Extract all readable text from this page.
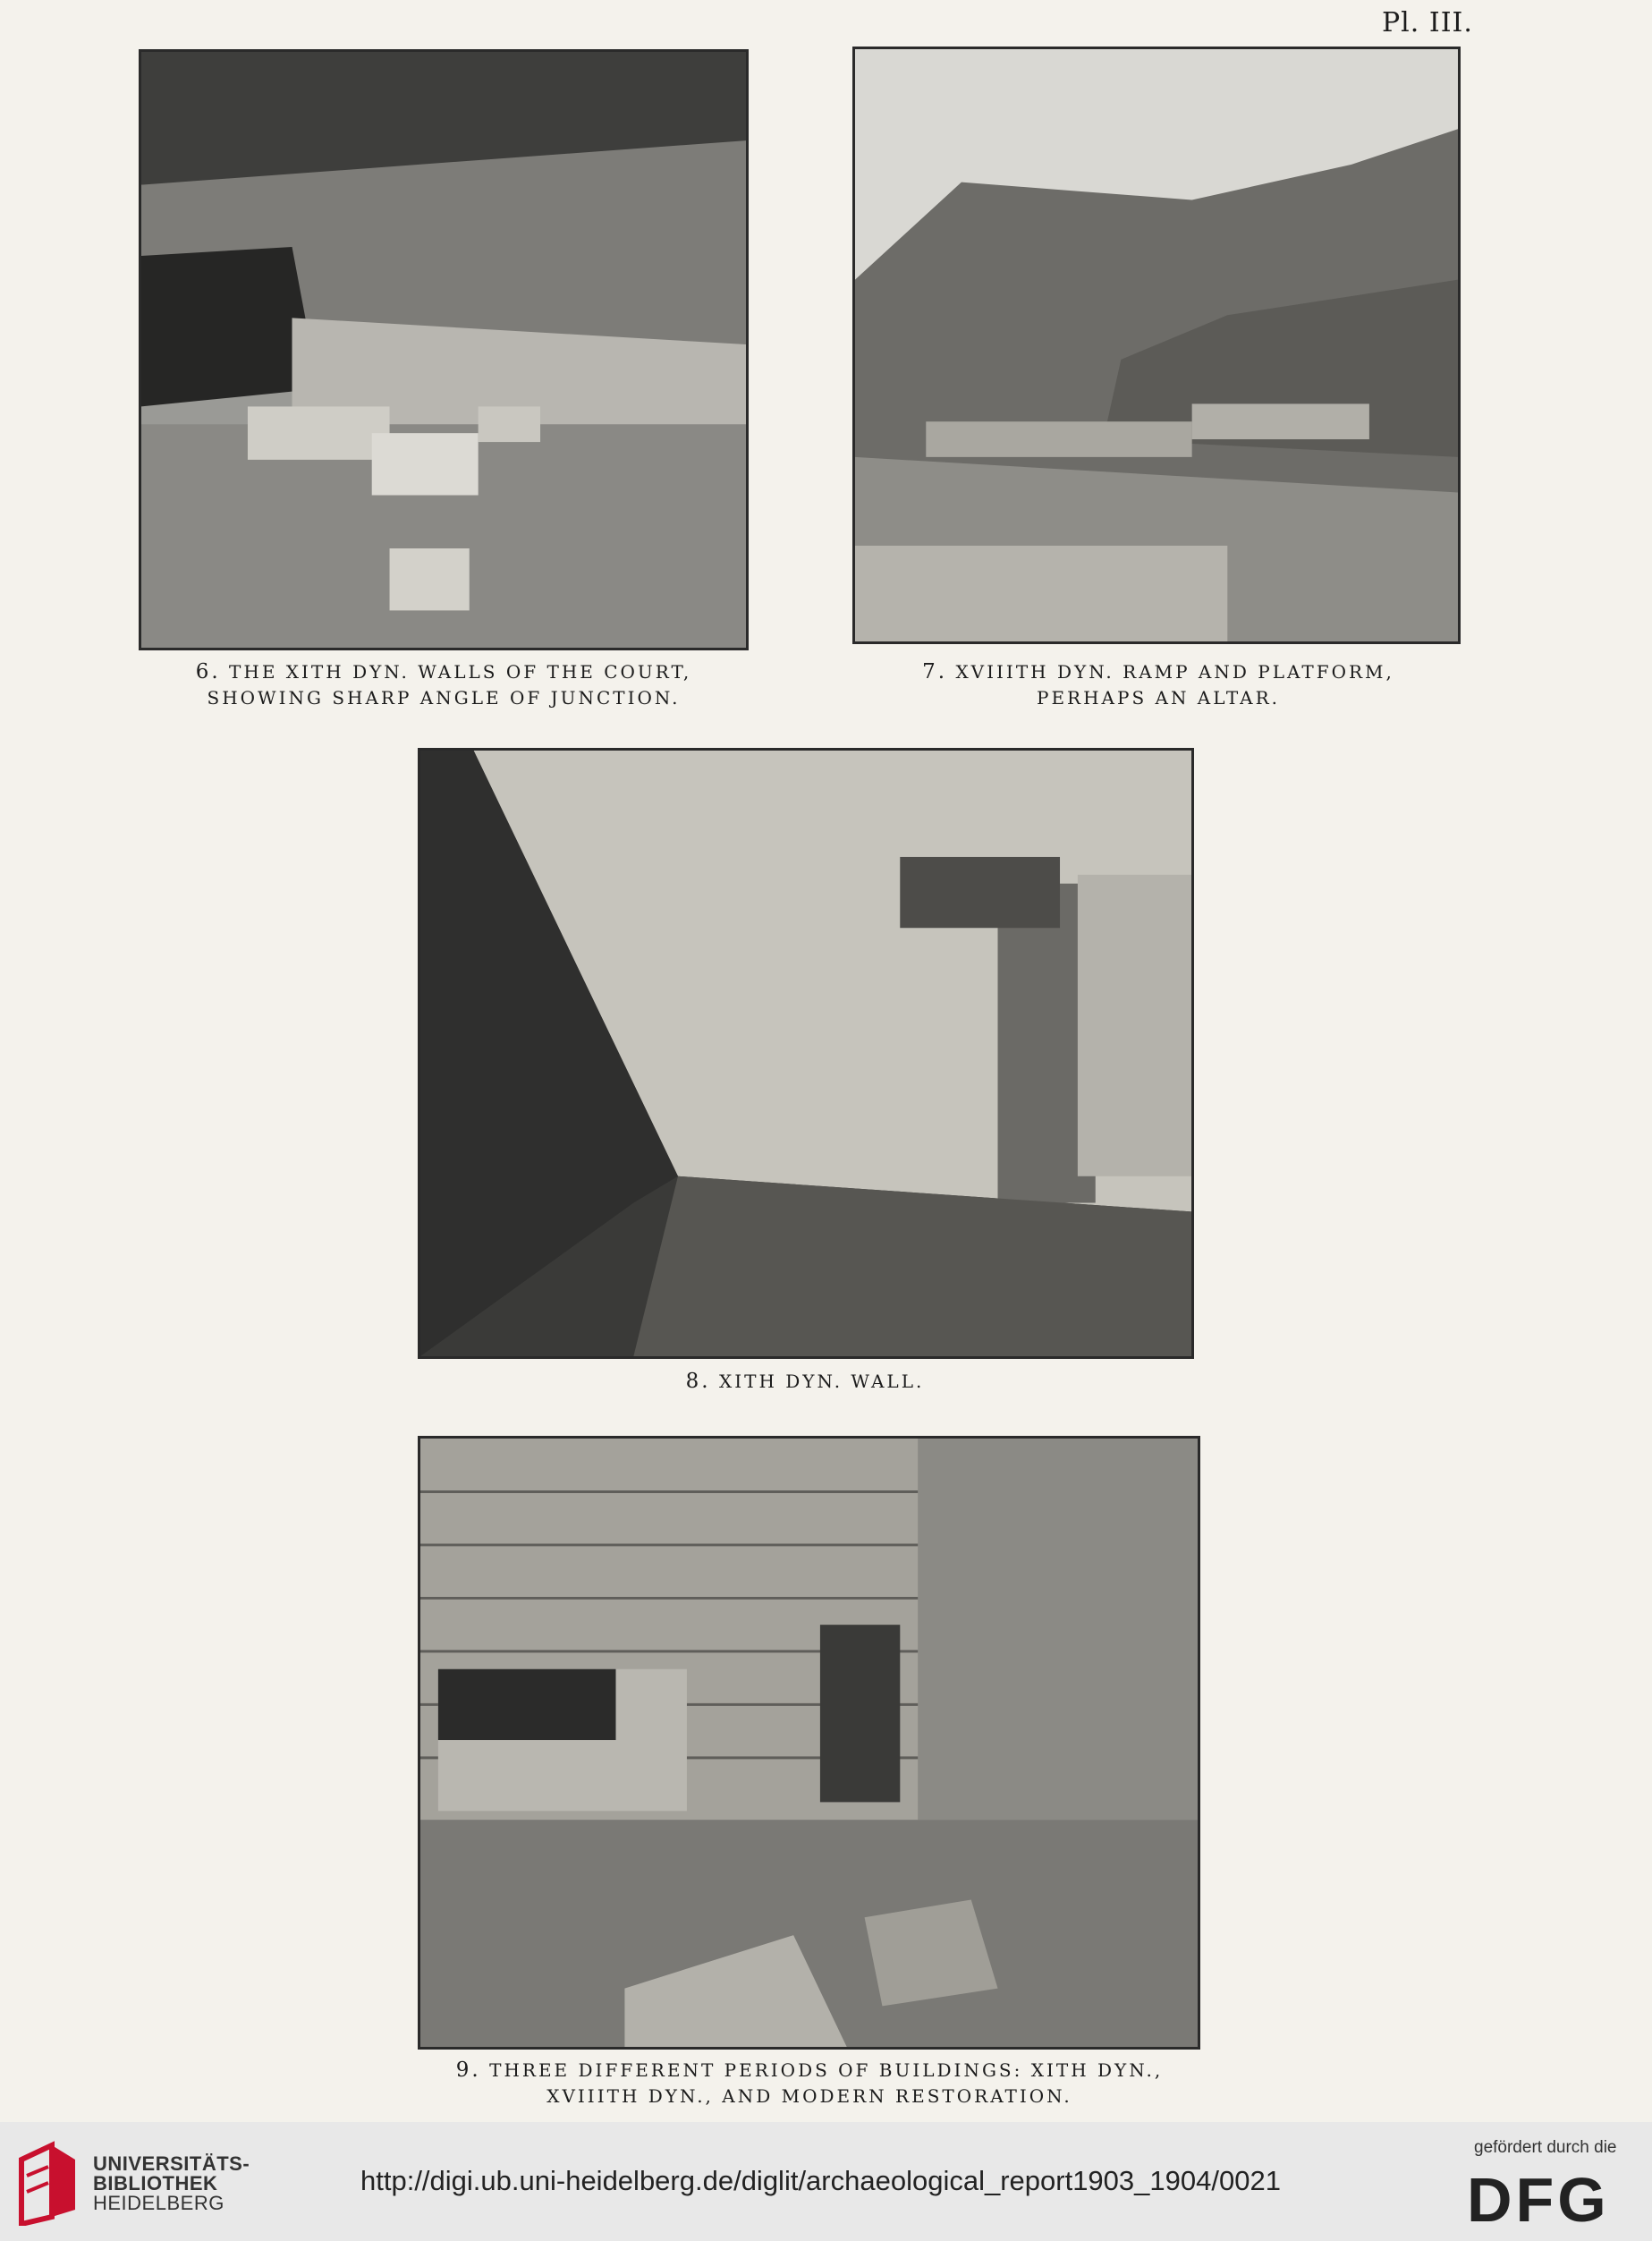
Pl. III.
6. THE XITH DYN. WALLS OF THE COURT, SHOWING SHARP ANGLE OF JUNCTION.
7. XVIIITH DYN. RAMP AND PLATFORM, PERHAPS AN ALTAR.
8. XITH DYN. WALL.
9. THREE DIFFERENT PERIODS OF BUILDINGS: XITH DYN., XVIIITH DYN., AND MODERN RESTORATION.
UNIVERSITÄTS-
BIBLIOTHEK
HEIDELBERG
http://digi.ub.uni-heidelberg.de/diglit/archaeological_report1903_1904/0021
gefördert durch die
DFG
